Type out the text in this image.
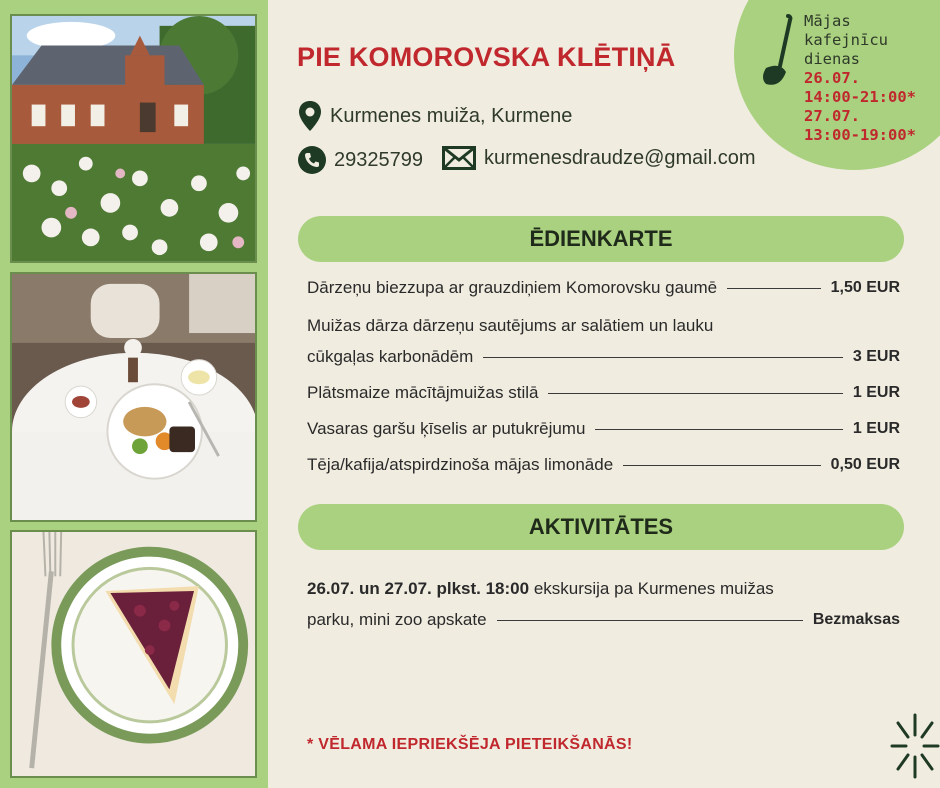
Mājas
kafejnīcu
dienas
26.07.
14:00-21:00*
27.07.
13:00-19:00*
PIE KOMOROVSKA KLĒTIŅĀ
Kurmenes muiža, Kurmene
29325799	kurmenesdraudze@gmail.com
ĒDIENKARTE
Dārzeņu biezzupa ar grauzdiņiem Komorovsku gaumē	1,50 EUR
Muižas dārza dārzeņu sautējums ar salātiem un lauku
cūkgaļas karbonādēm	3 EUR
Plātsmaize mācītājmuižas stilā	1 EUR
Vasaras garšu ķīselis ar putukrējumu	1 EUR
Tēja/kafija/atspirdzinoša mājas limonāde	0,50 EUR
AKTIVITĀTES
26.07. un 27.07. plkst. 18:00 ekskursija pa Kurmenes muižas
parku, mini zoo apskate	Bezmaksas
* VĒLAMA IEPRIEKŠĒJA PIETEIKŠANĀS!
